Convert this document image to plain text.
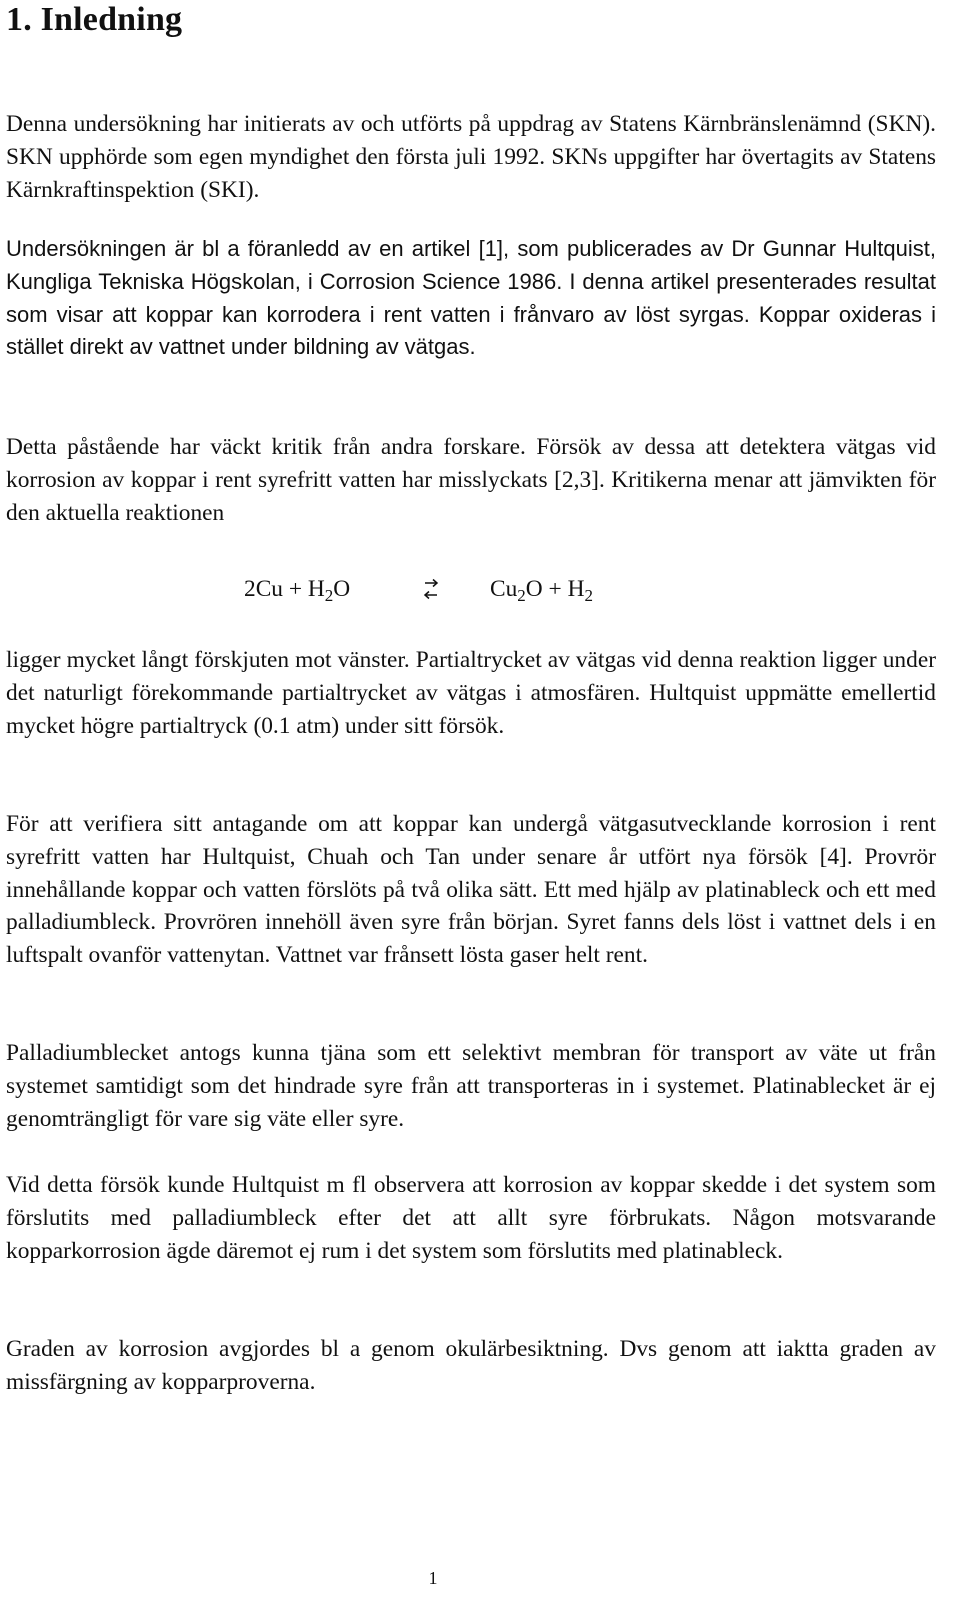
1. Inledning

Denna undersökning har initierats av och utförts på uppdrag av Statens Kärnbränslenämnd (SKN). SKN upphörde som egen myndighet den första juli 1992. SKNs uppgifter har övertagits av Statens Kärnkraftinspektion (SKI).

Undersökningen är bl a föranledd av en artikel [1], som publicerades av Dr Gunnar Hultquist, Kungliga Tekniska Högskolan, i Corrosion Science 1986. I denna artikel presenterades resultat som visar att koppar kan korrodera i rent vatten i frånvaro av löst syrgas. Koppar oxideras i stället direkt av vattnet under bildning av vätgas.

Detta påstående har väckt kritik från andra forskare. Försök av dessa att detektera vätgas vid korrosion av koppar i rent syrefritt vatten har misslyckats [2,3]. Kritikerna menar att jämvikten för den aktuella reaktionen

$2Cu + H_2O$	$Cu_2O + H_2$

ligger mycket långt förskjuten mot vänster. Partialtrycket av vätgas vid denna reaktion ligger under det naturligt förekommande partialtrycket av vätgas i atmosfären. Hultquist uppmätte emellertid mycket högre partialtryck (0.1 atm) under sitt försök.

För att verifiera sitt antagande om att koppar kan undergå vätgasutvecklande korrosion i rent syrefritt vatten har Hultquist, Chuah och Tan under senare år utfört nya försök [4]. Provrör innehållande koppar och vatten förslöts på två olika sätt. Ett med hjälp av platinableck och ett med palladiumbleck. Provrören innehöll även syre från början. Syret fanns dels löst i vattnet dels i en luftspalt ovanför vattenytan. Vattnet var frånsett lösta gaser helt rent.

Palladiumblecket antogs kunna tjäna som ett selektivt membran för transport av väte ut från systemet samtidigt som det hindrade syre från att transporteras in i systemet. Platinablecket är ej genomträngligt för vare sig väte eller syre.

Vid detta försök kunde Hultquist m fl observera att korrosion av koppar skedde i det system som förslutits med palladiumbleck efter det att allt syre förbrukats. Någon motsvarande kopparkorrosion ägde däremot ej rum i det system som förslutits med platinableck.

Graden av korrosion avgjordes bl a genom okulärbesiktning. Dvs genom att iaktta graden av missfärgning av kopparproverna.

1
